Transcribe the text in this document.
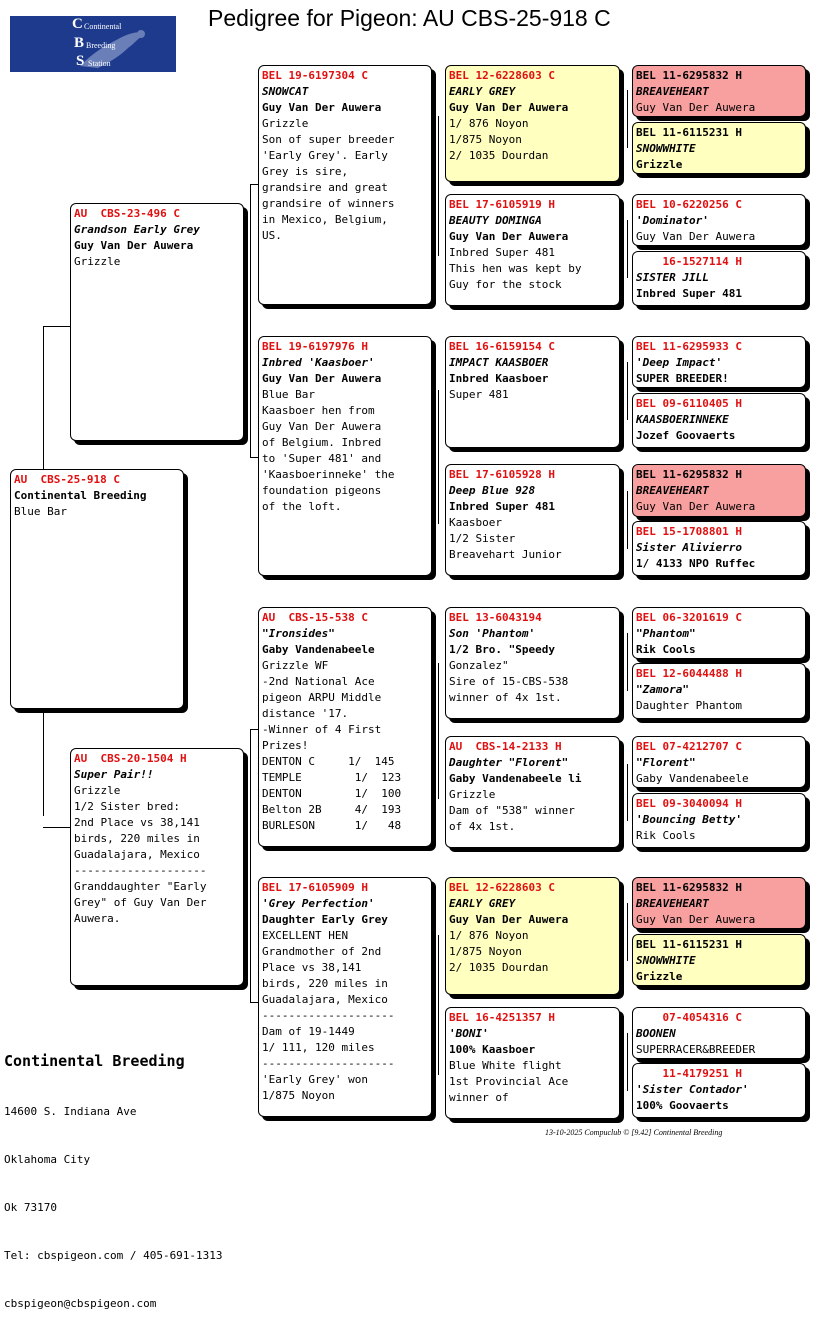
Pedigree for Pigeon: AU CBS-25-918 C
C Continental
B Breeding
S Station
AU  CBS-25-918 C
Continental Breeding
Blue Bar
AU  CBS-23-496 C
Grandson Early Grey
Guy Van Der Auwera
Grizzle
AU  CBS-20-1504 H
Super Pair!!
Grizzle
1/2 Sister bred:
2nd Place vs 38,141
birds, 220 miles in
Guadalajara, Mexico
--------------------
Granddaughter "Early
Grey" of Guy Van Der
Auwera.
BEL 19-6197304 C
SNOWCAT
Guy Van Der Auwera
Grizzle
Son of super breeder
'Early Grey'. Early
Grey is sire,
grandsire and great
grandsire of winners
in Mexico, Belgium,
US.
BEL 19-6197976 H
Inbred 'Kaasboer'
Guy Van Der Auwera
Blue Bar
Kaasboer hen from
Guy Van Der Auwera
of Belgium. Inbred
to 'Super 481' and
'Kaasboerinneke' the
foundation pigeons
of the loft.
AU  CBS-15-538 C
"Ironsides"
Gaby Vandenabeele
Grizzle WF
-2nd National Ace
pigeon ARPU Middle
distance '17.
-Winner of 4 First
Prizes!
DENTON C     1/  145
TEMPLE        1/  123
DENTON        1/  100
Belton 2B     4/  193
BURLESON      1/   48
BEL 17-6105909 H
'Grey Perfection'
Daughter Early Grey
EXCELLENT HEN
Grandmother of 2nd
Place vs 38,141
birds, 220 miles in
Guadalajara, Mexico
--------------------
Dam of 19-1449
1/ 111, 120 miles
--------------------
'Early Grey' won
1/875 Noyon
BEL 12-6228603 C
EARLY GREY
Guy Van Der Auwera
1/ 876 Noyon
1/875 Noyon
2/ 1035 Dourdan
BEL 17-6105919 H
BEAUTY DOMINGA
Guy Van Der Auwera
Inbred Super 481
This hen was kept by
Guy for the stock
BEL 16-6159154 C
IMPACT KAASBOER
Inbred Kaasboer
Super 481
BEL 17-6105928 H
Deep Blue 928
Inbred Super 481
Kaasboer
1/2 Sister
Breavehart Junior
BEL 13-6043194
Son 'Phantom'
1/2 Bro. "Speedy
Gonzalez"
Sire of 15-CBS-538
winner of 4x 1st.
AU  CBS-14-2133 H
Daughter "Florent"
Gaby Vandenabeele li
Grizzle
Dam of "538" winner
of 4x 1st.
BEL 12-6228603 C
EARLY GREY
Guy Van Der Auwera
1/ 876 Noyon
1/875 Noyon
2/ 1035 Dourdan
BEL 16-4251357 H
'BONI'
100% Kaasboer
Blue White flight
1st Provincial Ace
winner of
BEL 11-6295832 H
BREAVEHEART
Guy Van Der Auwera
BEL 11-6115231 H
SNOWWHITE
Grizzle
BEL 10-6220256 C
'Dominator'
Guy Van Der Auwera
16-1527114 H
SISTER JILL
Inbred Super 481
BEL 11-6295933 C
'Deep Impact'
SUPER BREEDER!
BEL 09-6110405 H
KAASBOERINNEKE
Jozef Goovaerts
BEL 11-6295832 H
BREAVEHEART
Guy Van Der Auwera
BEL 15-1708801 H
Sister Alivierro
1/ 4133 NPO Ruffec
BEL 06-3201619 C
"Phantom"
Rik Cools
BEL 12-6044488 H
"Zamora"
Daughter Phantom
BEL 07-4212707 C
"Florent"
Gaby Vandenabeele
BEL 09-3040094 H
'Bouncing Betty'
Rik Cools
BEL 11-6295832 H
BREAVEHEART
Guy Van Der Auwera
BEL 11-6115231 H
SNOWWHITE
Grizzle
07-4054316 C
BOONEN
SUPERRACER&BREEDER
11-4179251 H
'Sister Contador'
100% Goovaerts

Continental Breeding

14600 S. Indiana Ave

Oklahoma City

Ok 73170

Tel: cbspigeon.com / 405-691-1313

cbspigeon@cbspigeon.com

13-10-2025 Compuclub © [9.42] Continental Breeding
